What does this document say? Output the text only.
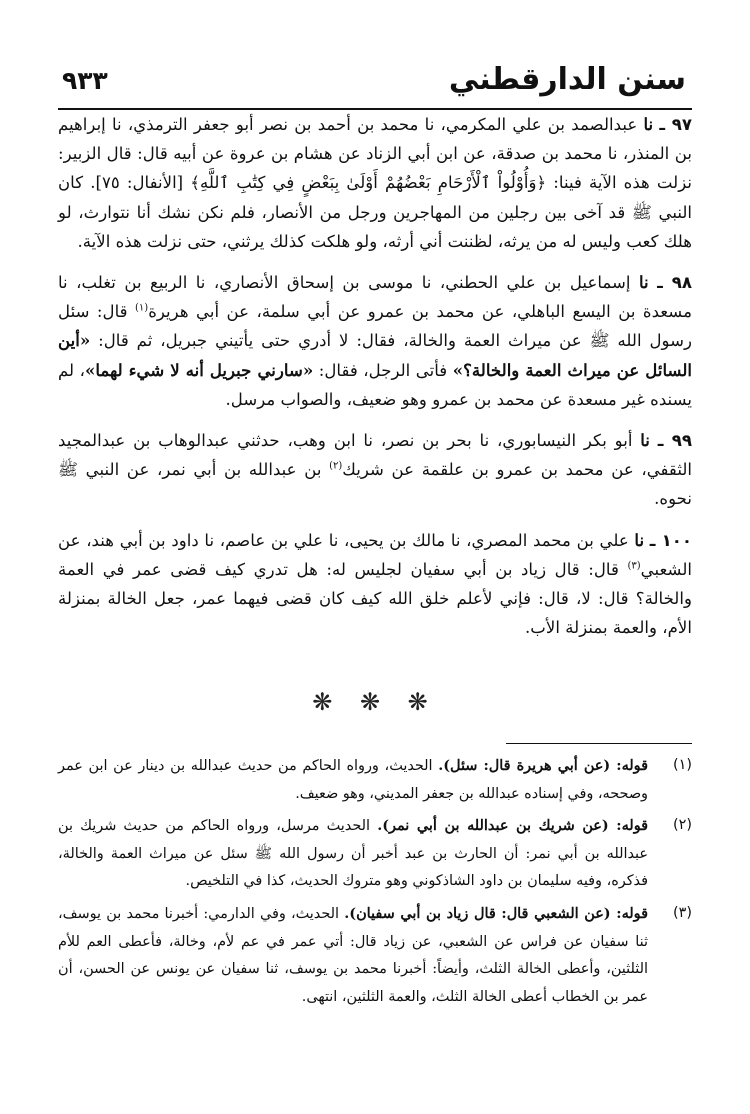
٩٣٣	سنن الدارقطني

٩٧ ـ نا عبدالصمد بن علي المكرمي، نا محمد بن أحمد بن نصر أبو جعفر الترمذي، نا إبراهيم بن المنذر، نا محمد بن صدقة، عن ابن أبي الزناد عن هشام بن عروة عن أبيه قال: قال الزبير: نزلت هذه الآية فينا: ﴿وَأُوْلُواْ ٱلْأَرْحَامِ بَعْضُهُمْ أَوْلَىٰ بِبَعْضٍ فِي كِتَٰبِ ٱللَّهِ﴾ [الأنفال: ٧٥]. كان النبي ﷺ قد آخى بين رجلين من المهاجرين ورجل من الأنصار، فلم نكن نشك أنا نتوارث، لو هلك كعب وليس له من يرثه، لظننت أني أرثه، ولو هلكت كذلك يرثني، حتى نزلت هذه الآية.

٩٨ ـ نا إسماعيل بن علي الحطني، نا موسى بن إسحاق الأنصاري، نا الربيع بن تغلب، نا مسعدة بن اليسع الباهلي، عن محمد بن عمرو عن أبي سلمة، عن أبي هريرة$^{(١)}$ قال: سئل رسول الله ﷺ عن ميراث العمة والخالة، فقال: لا أدري حتى يأتيني جبريل، ثم قال: «أين السائل عن ميراث العمة والخالة؟» فأتى الرجل، فقال: «سارني جبريل أنه لا شيء لهما»، لم يسنده غير مسعدة عن محمد بن عمرو وهو ضعيف، والصواب مرسل.

٩٩ ـ نا أبو بكر النيسابوري، نا بحر بن نصر، نا ابن وهب، حدثني عبدالوهاب بن عبدالمجيد الثقفي، عن محمد بن عمرو بن علقمة عن شريك$^{(٢)}$ بن عبدالله بن أبي نمر، عن النبي ﷺ نحوه.

١٠٠ ـ نا علي بن محمد المصري، نا مالك بن يحيى، نا علي بن عاصم، نا داود بن أبي هند، عن الشعبي$^{(٣)}$ قال: قال زياد بن أبي سفيان لجليس له: هل تدري كيف قضى عمر في العمة والخالة؟ قال: لا، قال: فإني لأعلم خلق الله كيف كان قضى فيهما عمر، جعل الخالة بمنزلة الأم، والعمة بمنزلة الأب.

❋ ❋ ❋
(١)
قوله: (عن أبي هريرة قال: سئل). الحديث، ورواه الحاكم من حديث عبدالله بن دينار عن ابن عمر وصححه، وفي إسناده عبدالله بن جعفر المديني، وهو ضعيف.
(٢)
قوله: (عن شريك بن عبدالله بن أبي نمر). الحديث مرسل، ورواه الحاكم من حديث شريك بن عبدالله بن أبي نمر: أن الحارث بن عبد أخبر أن رسول الله ﷺ سئل عن ميراث العمة والخالة، فذكره، وفيه سليمان بن داود الشاذكوني وهو متروك الحديث، كذا في التلخيص.
(٣)
قوله: (عن الشعبي قال: قال زياد بن أبي سفيان). الحديث، وفي الدارمي: أخبرنا محمد بن يوسف، ثنا سفيان عن فراس عن الشعبي، عن زياد قال: أتي عمر في عم لأم، وخالة، فأعطى العم للأم الثلثين، وأعطى الخالة الثلث، وأيضاً: أخبرنا محمد بن يوسف، ثنا سفيان عن يونس عن الحسن، أن عمر بن الخطاب أعطى الخالة الثلث، والعمة الثلثين، انتهى.
